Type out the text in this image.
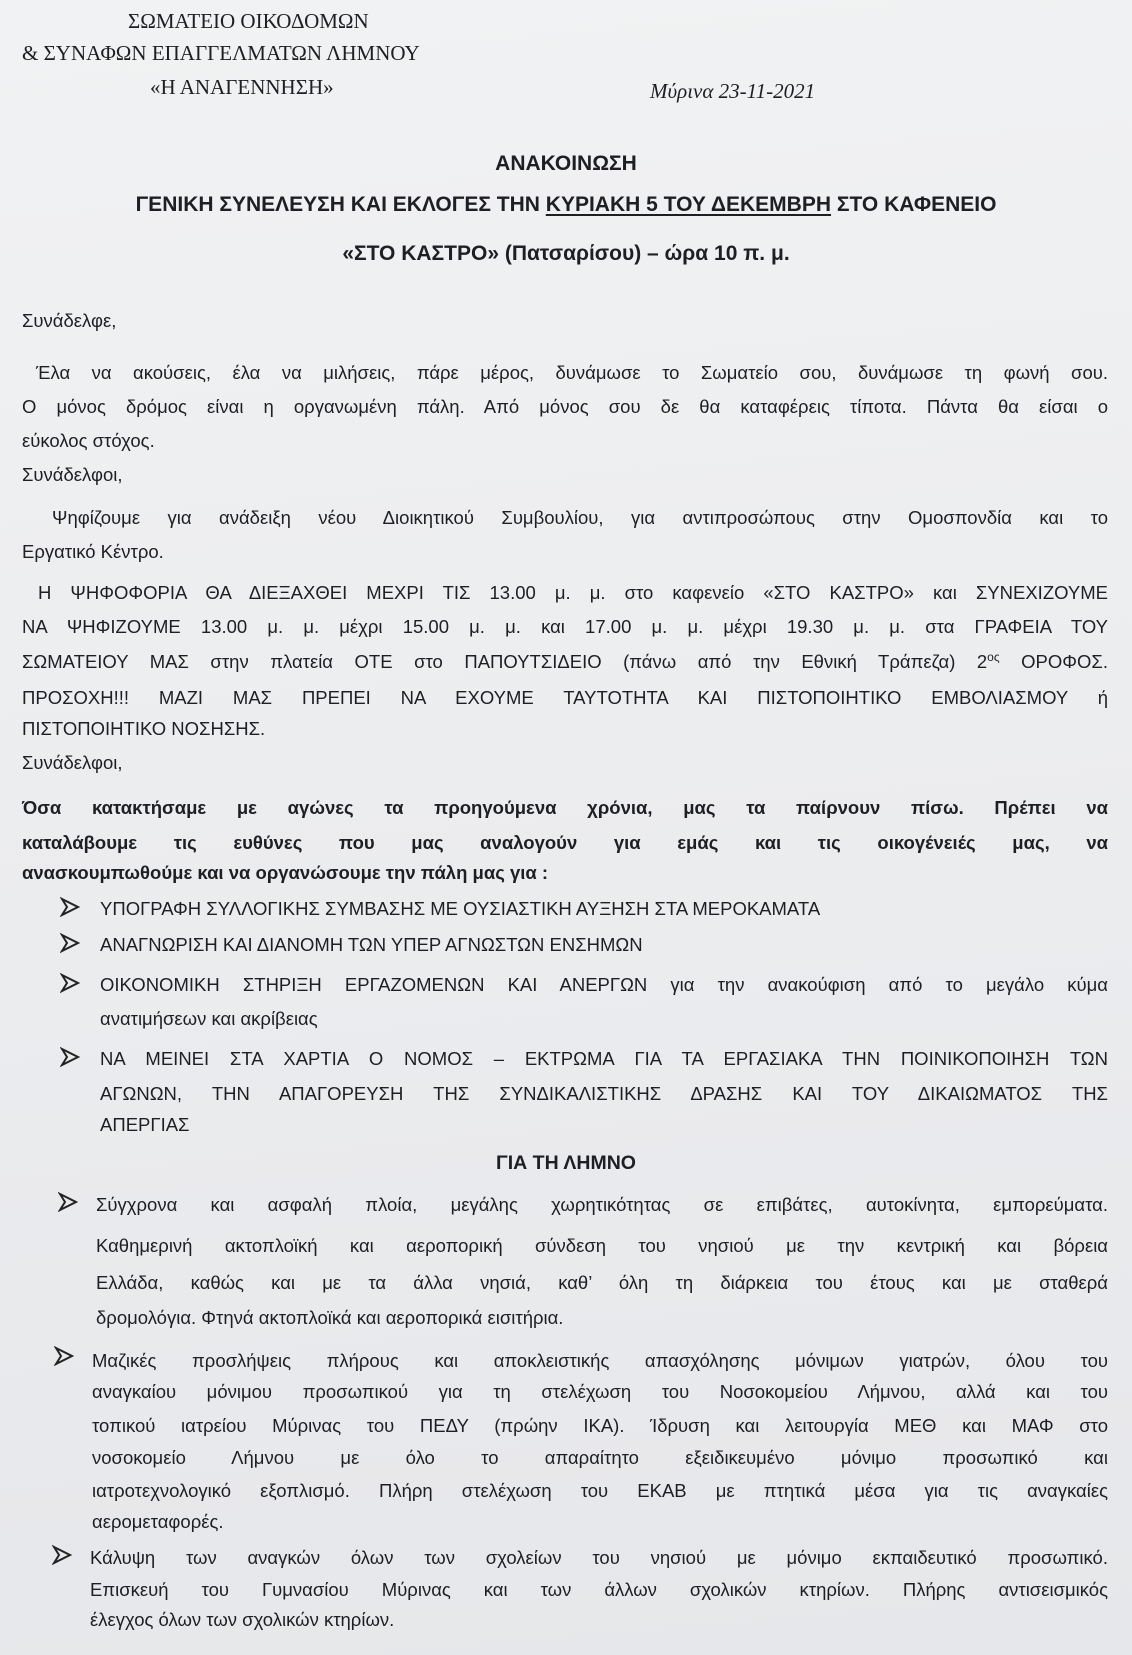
ΣΩΜΑΤΕΙΟ ΟΙΚΟΔΟΜΩΝ
& ΣΥΝΑΦΩΝ ΕΠΑΓΓΕΛΜΑΤΩΝ ΛΗΜΝΟΥ
«Η ΑΝΑΓΕΝΝΗΣΗ»	Μύρινα 23-11-2021
ΑΝΑΚΟΙΝΩΣΗ
ΓΕΝΙΚΗ ΣΥΝΕΛΕΥΣΗ ΚΑΙ ΕΚΛΟΓΕΣ ΤΗΝ ΚΥΡΙΑΚΗ 5 ΤΟΥ ΔΕΚΕΜΒΡΗ ΣΤΟ ΚΑΦΕΝΕΙΟ
«ΣΤΟ ΚΑΣΤΡΟ» (Πατσαρίσου) – ώρα 10 π. μ.
Συνάδελφε,
Έλα να ακούσεις, έλα να μιλήσεις, πάρε μέρος, δυνάμωσε το Σωματείο σου, δυνάμωσε τη φωνή σου.
Ο μόνος δρόμος είναι η οργανωμένη πάλη. Από μόνος σου δε θα καταφέρεις τίποτα. Πάντα θα είσαι ο
εύκολος στόχος.
Συνάδελφοι,
Ψηφίζουμε για ανάδειξη νέου Διοικητικού Συμβουλίου, για αντιπροσώπους στην Ομοσπονδία και το
Εργατικό Κέντρο.
Η ΨΗΦΟΦΟΡΙΑ ΘΑ ΔΙΕΞΑΧΘΕΙ ΜΕΧΡΙ ΤΙΣ 13.00 μ. μ. στο καφενείο «ΣΤΟ ΚΑΣΤΡΟ» και ΣΥΝΕΧΙΖΟΥΜΕ
ΝΑ ΨΗΦΙΖΟΥΜΕ 13.00 μ. μ. μέχρι 15.00 μ. μ. και 17.00 μ. μ. μέχρι 19.30 μ. μ. στα ΓΡΑΦΕΙΑ ΤΟΥ
ΣΩΜΑΤΕΙΟΥ ΜΑΣ στην πλατεία ΟΤΕ στο ΠΑΠΟΥΤΣΙΔΕΙΟ (πάνω από την Εθνική Τράπεζα) $2^{o\varsigma}$ ΟΡΟΦΟΣ.
ΠΡΟΣΟΧΗ!!! ΜΑΖΙ ΜΑΣ ΠΡΕΠΕΙ ΝΑ ΕΧΟΥΜΕ ΤΑΥΤΟΤΗΤΑ ΚΑΙ ΠΙΣΤΟΠΟΙΗΤΙΚΟ ΕΜΒΟΛΙΑΣΜΟΥ ή
ΠΙΣΤΟΠΟΙΗΤΙΚΟ ΝΟΣΗΣΗΣ.
Συνάδελφοι,
Όσα κατακτήσαμε με αγώνες τα προηγούμενα χρόνια, μας τα παίρνουν πίσω. Πρέπει να
καταλάβουμε τις ευθύνες που μας αναλογούν για εμάς και τις οικογένειές μας, να
ανασκουμπωθούμε και να οργανώσουμε την πάλη μας για :
ΥΠΟΓΡΑΦΗ ΣΥΛΛΟΓΙΚΗΣ ΣΥΜΒΑΣΗΣ ΜΕ ΟΥΣΙΑΣΤΙΚΗ ΑΥΞΗΣΗ ΣΤΑ ΜΕΡΟΚΑΜΑΤΑ
ΑΝΑΓΝΩΡΙΣΗ ΚΑΙ ΔΙΑΝΟΜΗ ΤΩΝ ΥΠΕΡ ΑΓΝΩΣΤΩΝ ΕΝΣΗΜΩΝ
ΟΙΚΟΝΟΜΙΚΗ ΣΤΗΡΙΞΗ ΕΡΓΑΖΟΜΕΝΩΝ ΚΑΙ ΑΝΕΡΓΩΝ για την ανακούφιση από το μεγάλο κύμα
ανατιμήσεων και ακρίβειας
ΝΑ ΜΕΙΝΕΙ ΣΤΑ ΧΑΡΤΙΑ Ο ΝΟΜΟΣ – ΕΚΤΡΩΜΑ ΓΙΑ ΤΑ ΕΡΓΑΣΙΑΚΑ ΤΗΝ ΠΟΙΝΙΚΟΠΟΙΗΣΗ ΤΩΝ
ΑΓΩΝΩΝ, ΤΗΝ ΑΠΑΓΟΡΕΥΣΗ ΤΗΣ ΣΥΝΔΙΚΑΛΙΣΤΙΚΗΣ ΔΡΑΣΗΣ ΚΑΙ ΤΟΥ ΔΙΚΑΙΩΜΑΤΟΣ ΤΗΣ
ΑΠΕΡΓΙΑΣ
ΓΙΑ ΤΗ ΛΗΜΝΟ
Σύγχρονα και ασφαλή πλοία, μεγάλης χωρητικότητας σε επιβάτες, αυτοκίνητα, εμπορεύματα.
Καθημερινή ακτοπλοϊκή και αεροπορική σύνδεση του νησιού με την κεντρική και βόρεια
Ελλάδα, καθώς και με τα άλλα νησιά, καθ’ όλη τη διάρκεια του έτους και με σταθερά
δρομολόγια. Φτηνά ακτοπλοϊκά και αεροπορικά εισιτήρια.
Μαζικές προσλήψεις πλήρους και αποκλειστικής απασχόλησης μόνιμων γιατρών, όλου του
αναγκαίου μόνιμου προσωπικού για τη στελέχωση του Νοσοκομείου Λήμνου, αλλά και του
τοπικού ιατρείου Μύρινας του ΠΕΔΥ (πρώην ΙΚΑ). Ίδρυση και λειτουργία ΜΕΘ και ΜΑΦ στο
νοσοκομείο Λήμνου με όλο το απαραίτητο εξειδικευμένο μόνιμο προσωπικό και
ιατροτεχνολογικό εξοπλισμό. Πλήρη στελέχωση του ΕΚΑΒ με πτητικά μέσα για τις αναγκαίες
αερομεταφορές.
Κάλυψη των αναγκών όλων των σχολείων του νησιού με μόνιμο εκπαιδευτικό προσωπικό.
Επισκευή του Γυμνασίου Μύρινας και των άλλων σχολικών κτηρίων. Πλήρης αντισεισμικός
έλεγχος όλων των σχολικών κτηρίων.
